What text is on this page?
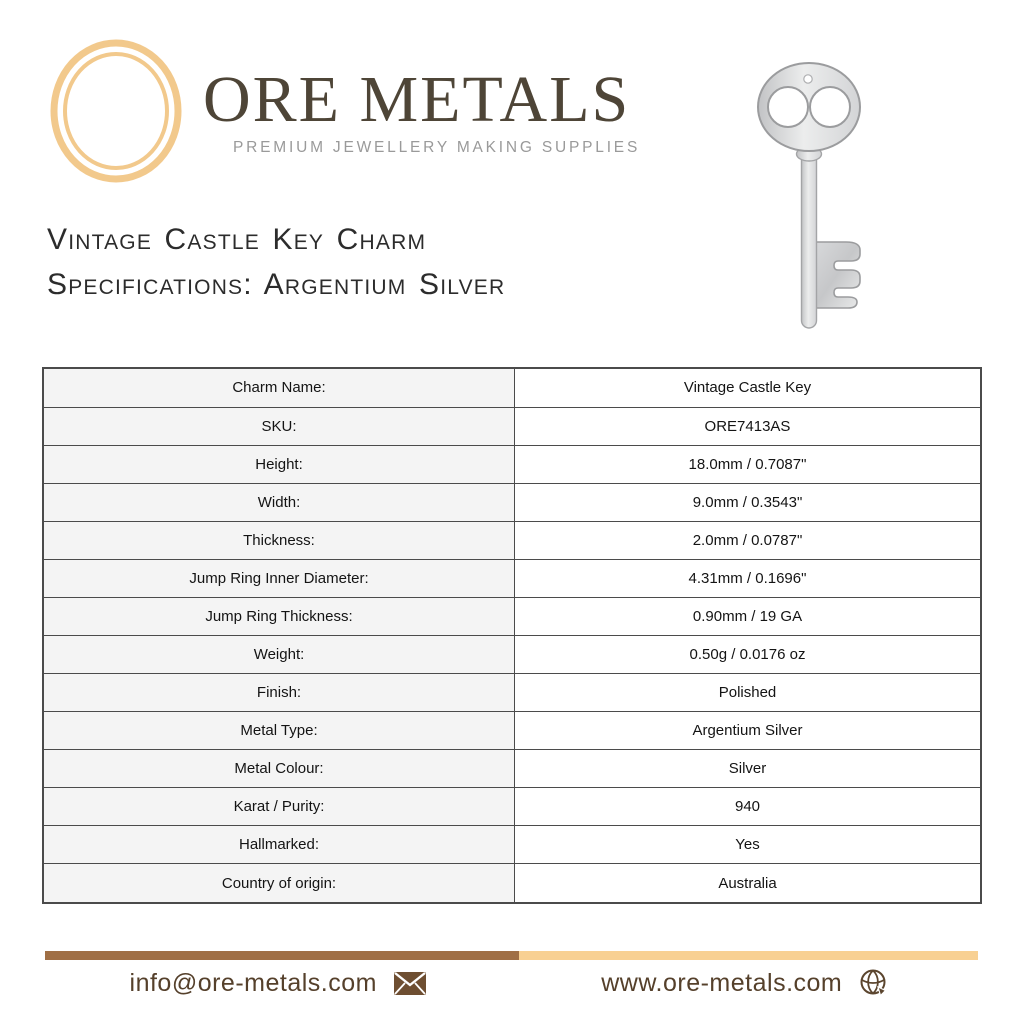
ORE METALS
PREMIUM JEWELLERY MAKING SUPPLIES
Vintage Castle Key Charm
Specifications: Argentium Silver
Charm Name:	Vintage Castle Key
SKU:	ORE7413AS
Height:	18.0mm / 0.7087"
Width:	9.0mm / 0.3543"
Thickness:	2.0mm / 0.0787"
Jump Ring Inner Diameter:	4.31mm / 0.1696"
Jump Ring Thickness:	0.90mm / 19 GA
Weight:	0.50g / 0.0176 oz
Finish:	Polished
Metal Type:	Argentium Silver
Metal Colour:	Silver
Karat / Purity:	940
Hallmarked:	Yes
Country of origin:	Australia
info@ore-metals.com	www.ore-metals.com
